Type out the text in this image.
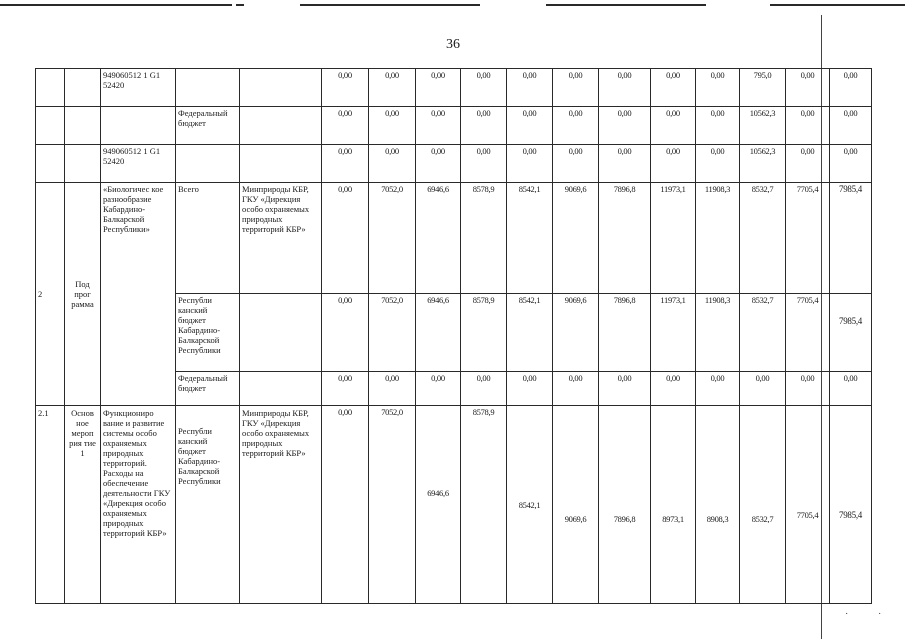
36
		949060512 1 G1 52420			0,00	0,00	0,00	0,00	0,00	0,00	0,00	0,00	0,00	795,0	0,00	0,00
			Федеральный бюджет		0,00	0,00	0,00	0,00	0,00	0,00	0,00	0,00	0,00	10562,3	0,00	0,00
		949060512 1 G1 52420			0,00	0,00	0,00	0,00	0,00	0,00	0,00	0,00	0,00	10562,3	0,00	0,00
2	Под прог рамма	«Биологичес кое разнообразие Кабардино-Балкарской Республики»	Всего	Минприроды КБР, ГКУ «Дирекция особо охраняемых природных территорий КБР»	0,00	7052,0	6946,6	8578,9	8542,1	9069,6	7896,8	11973,1	11908,3	8532,7	7705,4	7985,4
			Республи канский бюджет Кабардино-Балкарской Республики		0,00	7052,0	6946,6	8578,9	8542,1	9069,6	7896,8	11973,1	11908,3	8532,7	7705,4	7985,4
			Федеральный бюджет		0,00	0,00	0,00	0,00	0,00	0,00	0,00	0,00	0,00	0,00	0,00	0,00
2.1	Основ ное мероп рия тие 1	Функциониро вание и развитие системы особо охраняемых природных территорий. Расходы на обеспечение деятельности ГКУ «Дирекция особо охраняемых природных территорий КБР»	Республи канский бюджет Кабардино-Балкарской Республики	Минприроды КБР, ГКУ «Дирекция особо охраняемых природных территорий КБР»	0,00	7052,0	6946,6	8578,9	8542,1	9069,6	7896,8	8973,1	8908,3	8532,7	7705,4	7985,4
˙	˙
